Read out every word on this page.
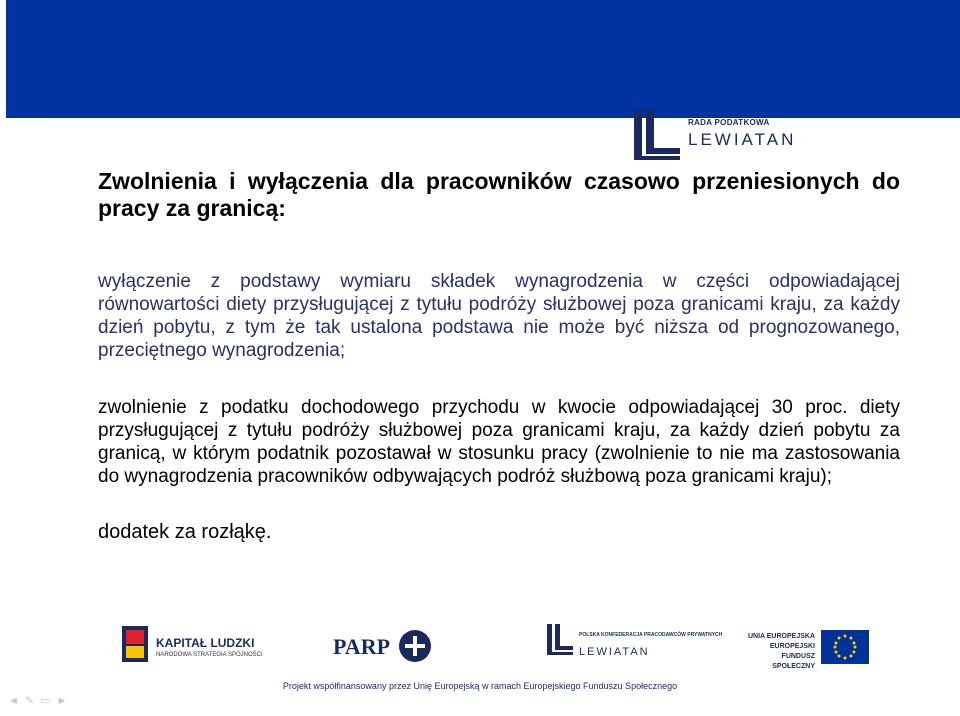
RADA PODATKOWA
LEWIATAN

Zwolnienia i wyłączenia dla pracowników czasowo przeniesionych do pracy za granicą:

wyłączenie z podstawy wymiaru składek wynagrodzenia w części odpowiadającej równowartości diety przysługującej z tytułu podróży służbowej poza granicami kraju, za każdy dzień pobytu, z tym że tak ustalona podstawa nie może być niższa od prognozowanego, przeciętnego wynagrodzenia;

zwolnienie z podatku dochodowego przychodu w kwocie odpowiadającej 30 proc. diety przysługującej z tytułu podróży służbowej poza granicami kraju, za każdy dzień pobytu za granicą, w którym podatnik pozostawał w stosunku pracy (zwolnienie to nie ma zastosowania do wynagrodzenia pracowników odbywających podróż służbową poza granicami kraju);

dodatek za rozłąkę.

KAPITAŁ LUDZKI
NARODOWA STRATEGIA SPÓJNOŚCI	PARP	POLSKA KONFEDERACJA PRACODAWCÓW PRYWATNYCH
LEWIATAN
UNIA EUROPEJSKA EUROPEJSKI FUNDUSZ SPOŁECZNY
Projekt współfinansowany przez Unię Europejską w ramach Europejskiego Funduszu Społecznego
◄✎▭►
